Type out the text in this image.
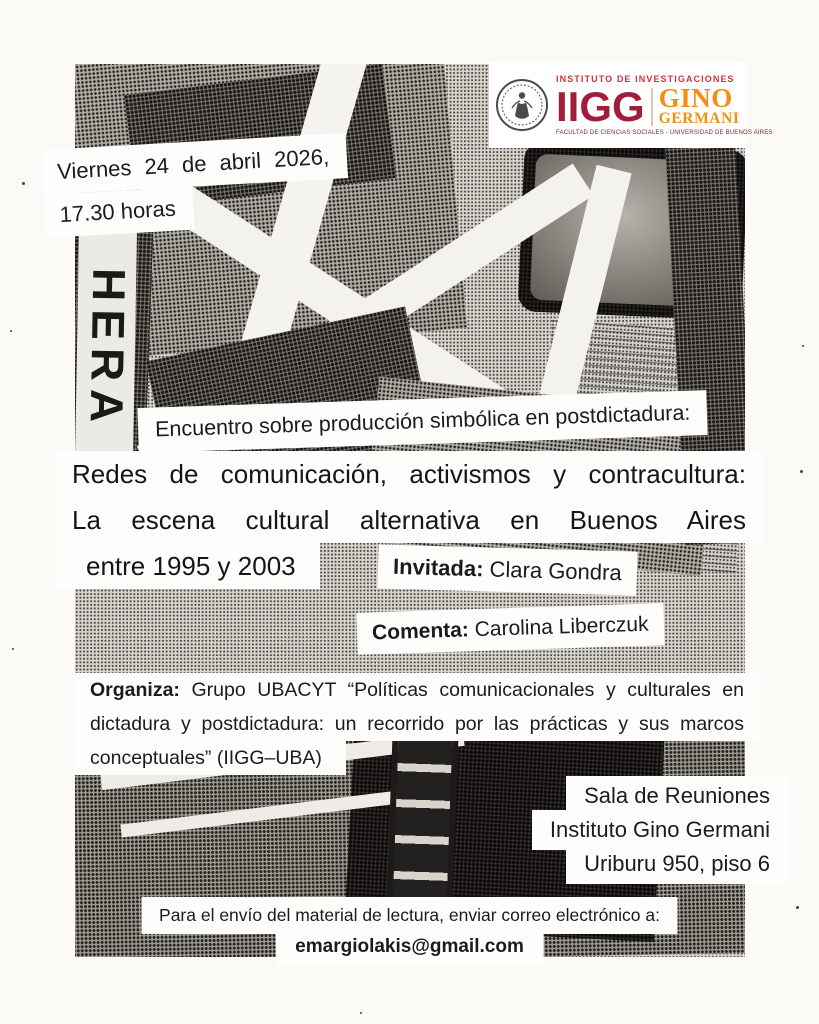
HERA
INSTITUTO DE INVESTIGACIONES
IIGG GINO
GERMANI
FACULTAD DE CIENCIAS SOCIALES - UNIVERSIDAD DE BUENOS AIRES
Viernes 24 de abril 2026,
17.30 horas
Encuentro sobre producción simbólica en postdictadura:
Redes de comunicación, activismos y contracultura:
La escena cultural alternativa en Buenos Aires
entre 1995 y 2003	Invitada: Clara Gondra
Comenta: Carolina Liberczuk
Organiza: Grupo UBACYT “Políticas comunicacionales y culturales en
dictadura y postdictadura: un recorrido por las prácticas y sus marcos
conceptuales” (IIGG–UBA)
Sala de Reuniones
Instituto Gino Germani
Uriburu 950, piso 6
Para el envío del material de lectura, enviar correo electrónico a:
emargiolakis@gmail.com
